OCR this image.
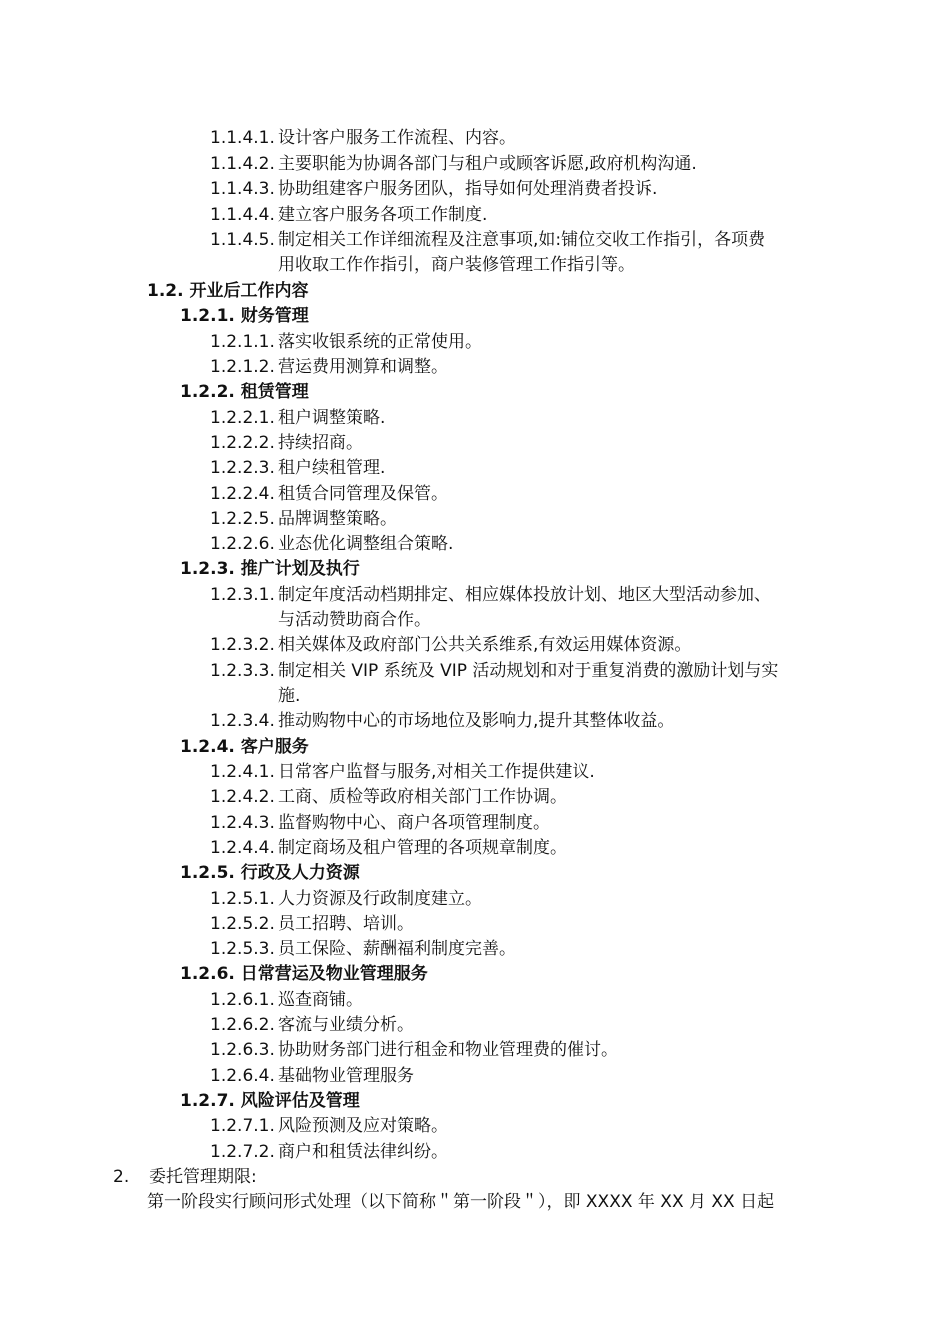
1.1.4.1. 设计客户服务工作流程、内容。
1.1.4.2. 主要职能为协调各部门与租户或顾客诉愿,政府机构沟通.
1.1.4.3. 协助组建客户服务团队，指导如何处理消费者投诉.
1.1.4.4. 建立客户服务各项工作制度.
1.1.4.5. 制定相关工作详细流程及注意事项,如:铺位交收工作指引，各项费
用收取工作作指引，商户装修管理工作指引等。
1.2. 开业后工作内容
1.2.1. 财务管理
1.2.1.1. 落实收银系统的正常使用。
1.2.1.2. 营运费用测算和调整。
1.2.2. 租赁管理
1.2.2.1. 租户调整策略.
1.2.2.2. 持续招商。
1.2.2.3. 租户续租管理.
1.2.2.4. 租赁合同管理及保管。
1.2.2.5. 品牌调整策略。
1.2.2.6. 业态优化调整组合策略.
1.2.3. 推广计划及执行
1.2.3.1. 制定年度活动档期排定、相应媒体投放计划、地区大型活动参加、
与活动赞助商合作。
1.2.3.2. 相关媒体及政府部门公共关系维系,有效运用媒体资源。
1.2.3.3. 制定相关 VIP 系统及 VIP 活动规划和对于重复消费的激励计划与实
施.
1.2.3.4. 推动购物中心的市场地位及影响力,提升其整体收益。
1.2.4. 客户服务
1.2.4.1. 日常客户监督与服务,对相关工作提供建议.
1.2.4.2. 工商、质检等政府相关部门工作协调。
1.2.4.3. 监督购物中心、商户各项管理制度。
1.2.4.4. 制定商场及租户管理的各项规章制度。
1.2.5. 行政及人力资源
1.2.5.1. 人力资源及行政制度建立。
1.2.5.2. 员工招聘、培训。
1.2.5.3. 员工保险、薪酬福利制度完善。
1.2.6. 日常营运及物业管理服务
1.2.6.1. 巡查商铺。
1.2.6.2. 客流与业绩分析。
1.2.6.3. 协助财务部门进行租金和物业管理费的催讨。
1.2.6.4. 基础物业管理服务
1.2.7. 风险评估及管理
1.2.7.1. 风险预测及应对策略。
1.2.7.2. 商户和租赁法律纠纷。
2. 委托管理期限:
第一阶段实行顾问形式处理（以下简称＂第一阶段＂），即 XXXX 年 XX 月 XX 日起
